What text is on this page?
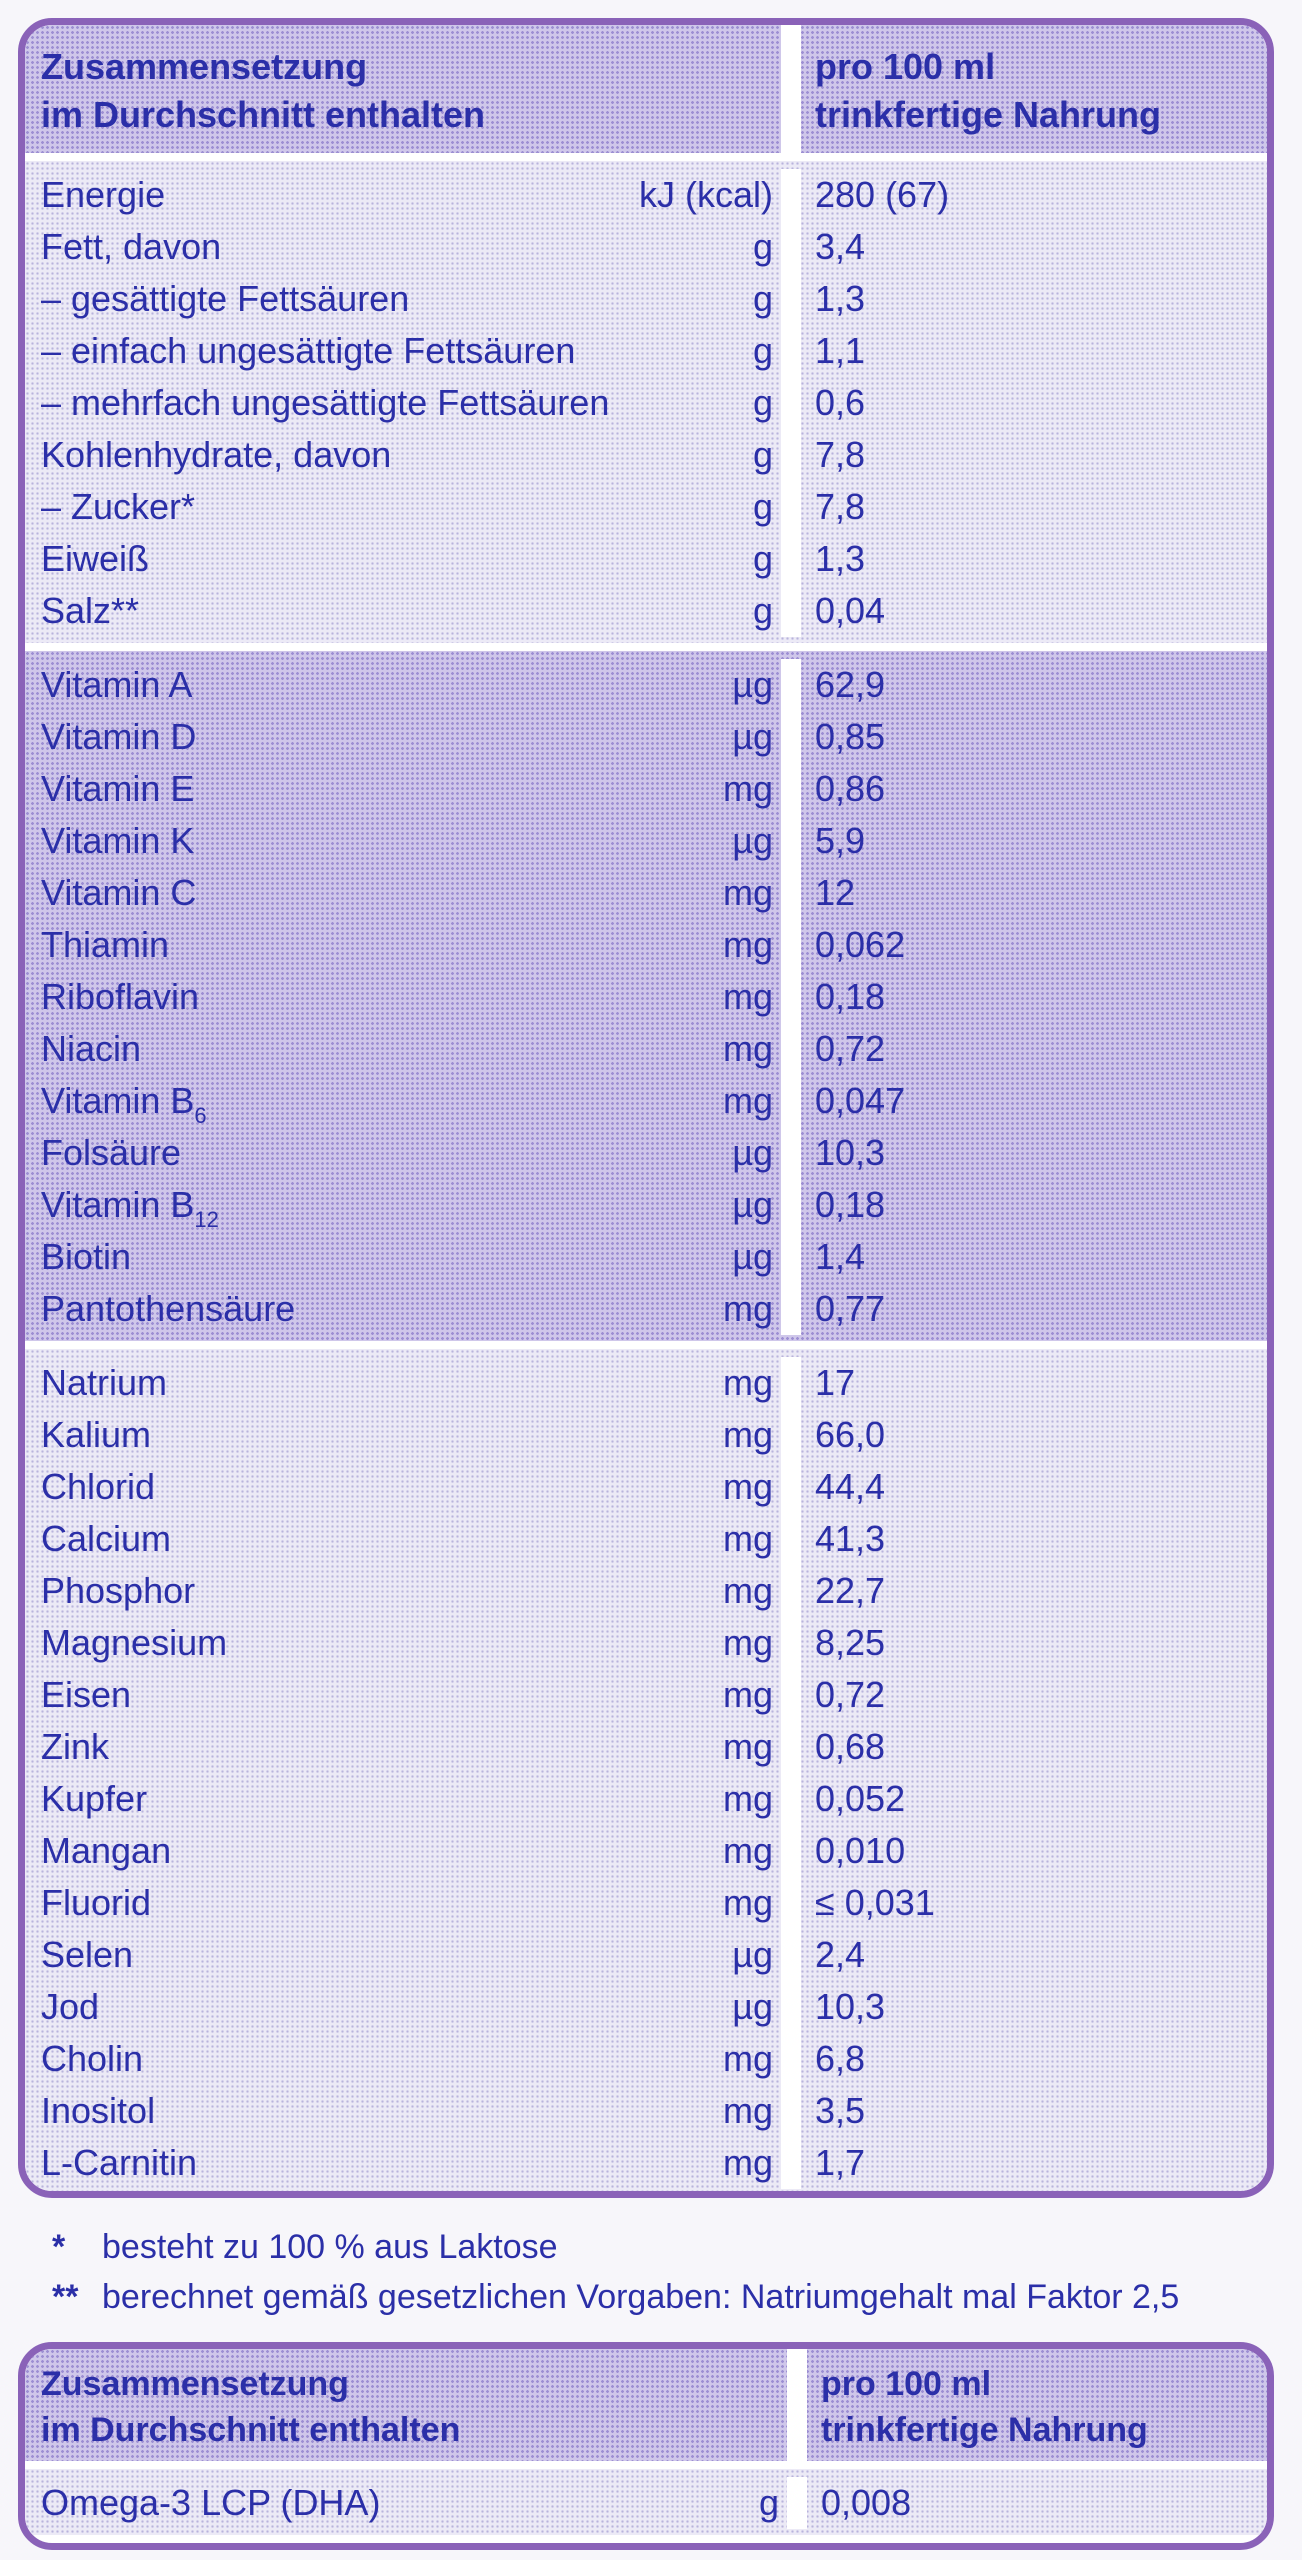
Zusammensetzung
im Durchschnitt enthalten
pro 100 ml
trinkfertige Nahrung
Energie	kJ (kcal)	280 (67)
Fett, davon	g	3,4
– gesättigte Fettsäuren	g	1,3
– einfach ungesättigte Fettsäuren	g	1,1
– mehrfach ungesättigte Fettsäuren	g	0,6
Kohlenhydrate, davon	g	7,8
– Zucker*	g	7,8
Eiweiß	g	1,3
Salz**	g	0,04
Vitamin A	µg	62,9
Vitamin D	µg	0,85
Vitamin E	mg	0,86
Vitamin K	µg	5,9
Vitamin C	mg	12
Thiamin	mg	0,062
Riboflavin	mg	0,18
Niacin	mg	0,72
Vitamin $B_6$	mg	0,047
Folsäure	µg	10,3
Vitamin $B_{12}$	µg	0,18
Biotin	µg	1,4
Pantothensäure	mg	0,77
Natrium	mg	17
Kalium	mg	66,0
Chlorid	mg	44,4
Calcium	mg	41,3
Phosphor	mg	22,7
Magnesium	mg	8,25
Eisen	mg	0,72
Zink	mg	0,68
Kupfer	mg	0,052
Mangan	mg	0,010
Fluorid	mg	≤ 0,031
Selen	µg	2,4
Jod	µg	10,3
Cholin	mg	6,8
Inositol	mg	3,5
L-Carnitin	mg	1,7
*	besteht zu 100 % aus Laktose
** berechnet gemäß gesetzlichen Vorgaben: Natriumgehalt mal Faktor 2,5
Zusammensetzung
im Durchschnitt enthalten
pro 100 ml
trinkfertige Nahrung
Omega-3 LCP (DHA)	g	0,008
